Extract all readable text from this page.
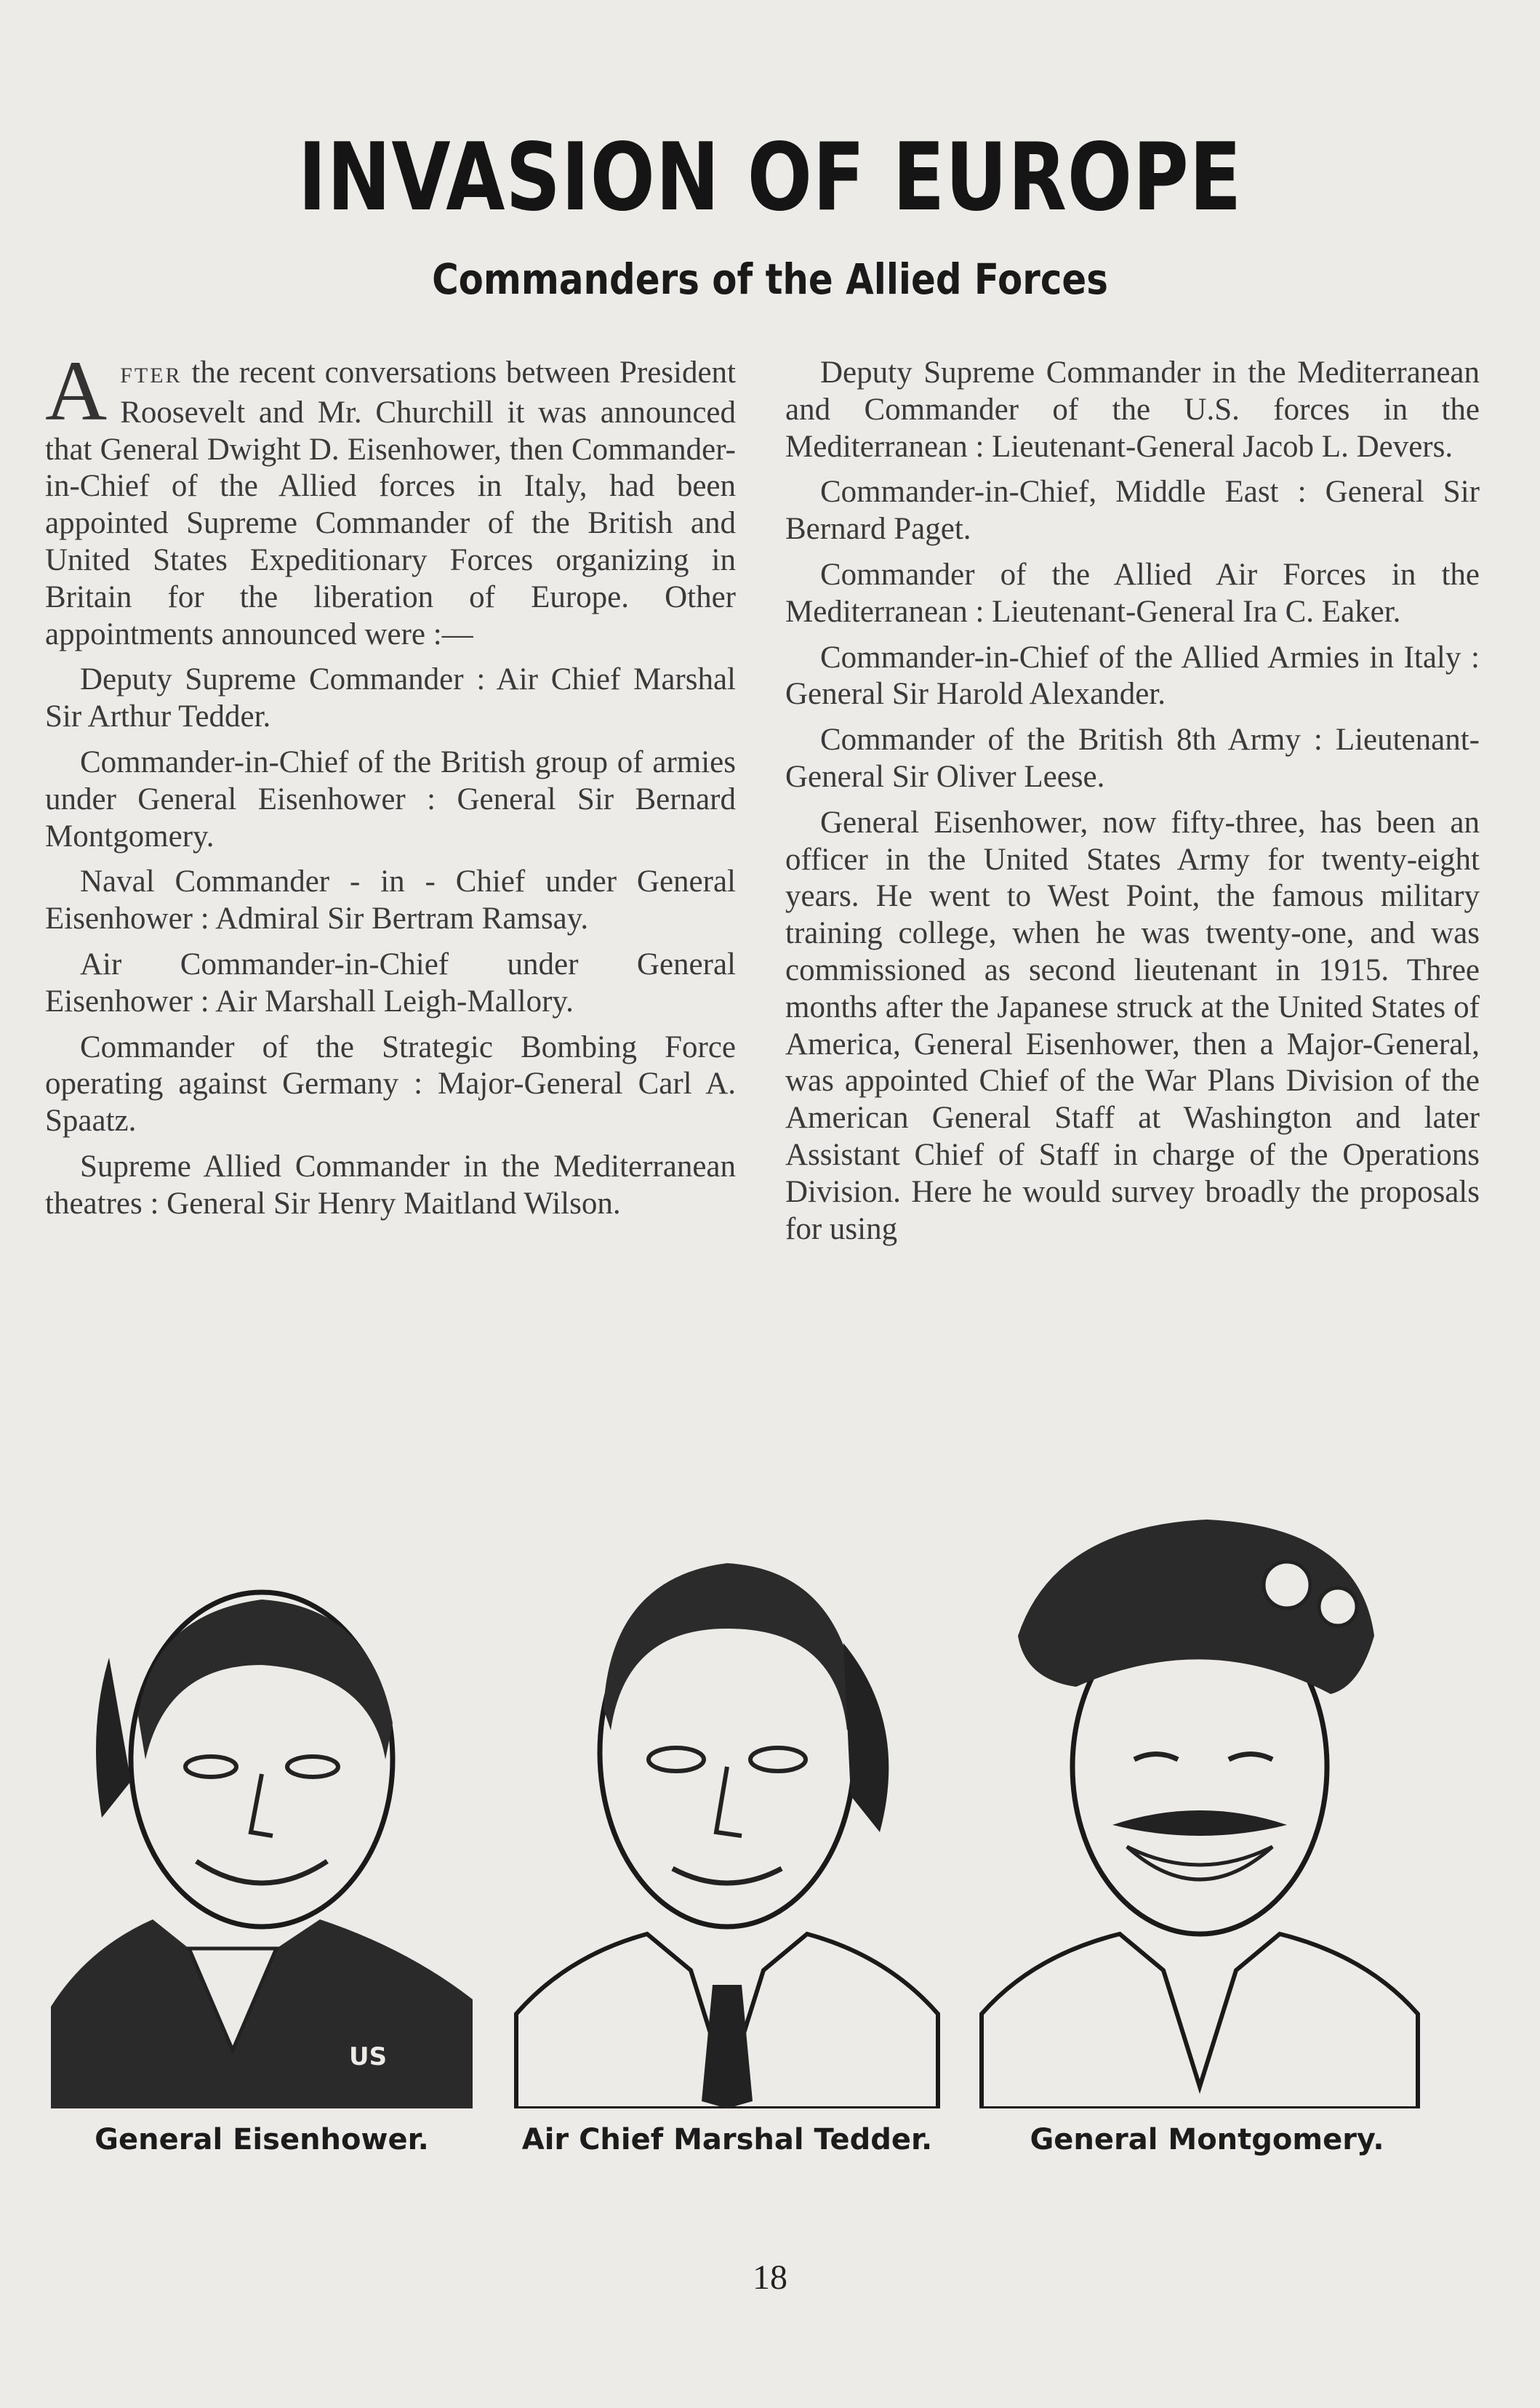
INVASION OF EUROPE
Commanders of the Allied Forces

AFTER the recent conversations between President Roosevelt and Mr. Churchill it was announced that General Dwight D. Eisenhower, then Commander-in-Chief of the Allied forces in Italy, had been appointed Supreme Commander of the British and United States Expeditionary Forces organizing in Britain for the liberation of Europe. Other appointments announced were :—

Deputy Supreme Commander : Air Chief Marshal Sir Arthur Tedder.

Commander-in-Chief of the British group of armies under General Eisenhower : General Sir Bernard Montgomery.

Naval Commander - in - Chief under General Eisenhower : Admiral Sir Bertram Ramsay.

Air Commander-in-Chief under General Eisenhower : Air Marshall Leigh-Mallory.

Commander of the Strategic Bombing Force operating against Germany : Major-General Carl A. Spaatz.

Supreme Allied Commander in the Mediterranean theatres : General Sir Henry Maitland Wilson.

Deputy Supreme Commander in the Mediterranean and Commander of the U.S. forces in the Mediterranean : Lieutenant-General Jacob L. Devers.

Commander-in-Chief, Middle East : General Sir Bernard Paget.

Commander of the Allied Air Forces in the Mediterranean : Lieutenant-General Ira C. Eaker.

Commander-in-Chief of the Allied Armies in Italy : General Sir Harold Alexander.

Commander of the British 8th Army : Lieutenant-General Sir Oliver Leese.

General Eisenhower, now fifty-three, has been an officer in the United States Army for twenty-eight years. He went to West Point, the famous military training college, when he was twenty-one, and was commissioned as second lieutenant in 1915. Three months after the Japanese struck at the United States of America, General Eisenhower, then a Major-General, was appointed Chief of the War Plans Division of the American General Staff at Washington and later Assistant Chief of Staff in charge of the Operations Division. Here he would survey broadly the proposals for using

US
General Eisenhower.	Air Chief Marshal Tedder.	General Montgomery.
18
